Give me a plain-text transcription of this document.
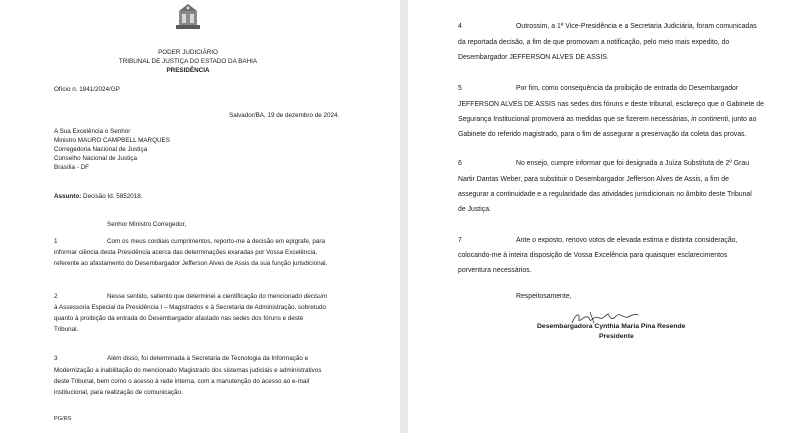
PODER JUDICIÁRIO
TRIBUNAL DE JUSTIÇA DO ESTADO DA BAHIA
PRESIDÊNCIA
Ofício n. 1841/2024/GP
Salvador/BA, 19 de dezembro de 2024.
A Sua Excelência o Senhor
Ministro MAURO CAMPBELL MARQUES
Corregedoria Nacional de Justiça
Conselho Nacional de Justiça
Brasília - DF
Assunto: Decisão Id. 5852018.
Senhor Ministro Corregedor,
1	Com os meus cordiais cumprimentos, reporto-me à decisão em epígrafe, para
informar ciência desta Presidência acerca das determinações exaradas por Vossa Excelência,
referente ao afastamento do Desembargador Jefferson Alves de Assis da sua função jurisdicional.
2	Nesse sentido, saliento que determinei a cientificação do mencionado decisum
à Assessoria Especial da Presidência I – Magistrados e à Secretaria de Administração, sobretudo
quanto à proibição da entrada do Desembargador afastado nas sedes dos fóruns e deste
Tribunal.
3	Além disso, foi determinada à Secretaria de Tecnologia da Informação e
Modernização a inabilitação do mencionado Magistrado dos sistemas judiciais e administrativos
deste Tribunal, bem como o acesso à rede interna, com a manutenção do acesso ao e-mail
institucional, para realização de comunicação.
PG/RS
4	Outrossim, a 1ª Vice-Presidência e a Secretaria Judiciária, foram comunicadas
da reportada decisão, a fim de que promovam a notificação, pelo meio mais expedito, do
Desembargador JEFFERSON ALVES DE ASSIS.
5	Por fim, como consequência da proibição de entrada do Desembargador
JEFFERSON ALVES DE ASSIS nas sedes dos fóruns e deste tribunal, esclareço que o Gabinete de
Segurança Institucional promoverá as medidas que se fizerem necessárias, in continenti, junto ao
Gabinete do referido magistrado, para o fim de assegurar a preservação da coleta das provas.
6	No ensejo, cumpre informar que foi designada a Juíza Substituta de 2º Grau
Nartir Dantas Weber, para substituir o Desembargador Jefferson Alves de Assis, a fim de
assegurar a continuidade e a regularidade das atividades jurisdicionais no âmbito deste Tribunal
de Justiça.
7	Ante o exposto, renovo votos de elevada estima e distinta consideração,
colocando-me à inteira disposição de Vossa Excelência para quaisquer esclarecimentos
porventura necessários.
Respeitosamente,
Desembargadora Cynthia Maria Pina Resende
Presidente
